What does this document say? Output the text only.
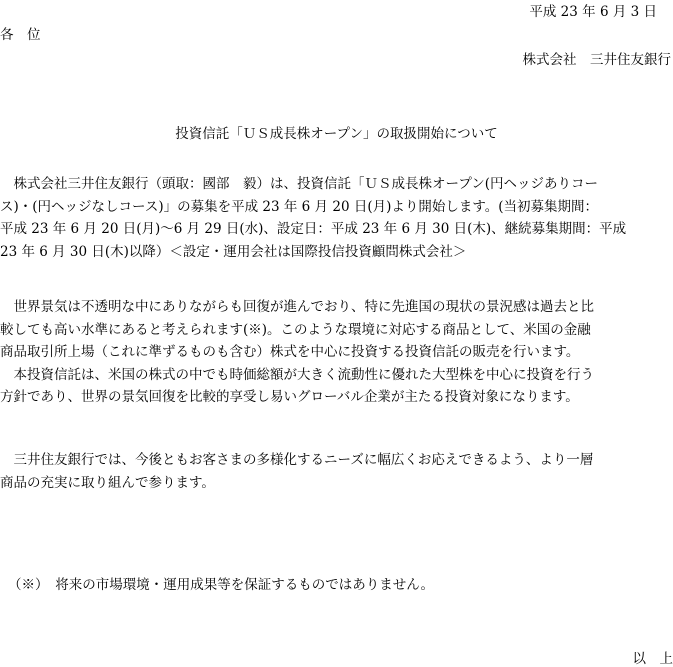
平成 23 年 6 月 3 日
各　位
株式会社　三井住友銀行
投資信託「ＵＳ成長株オープン」の取扱開始について
　株式会社三井住友銀行（頭取：國部　毅）は、投資信託「ＵＳ成長株オープン(円ヘッジありコー
ス)・(円ヘッジなしコース)」の募集を平成 23 年 6 月 20 日(月)より開始します。(当初募集期間：
平成 23 年 6 月 20 日(月)～6 月 29 日(水)、設定日：平成 23 年 6 月 30 日(木)、継続募集期間：平成
23 年 6 月 30 日(木)以降）＜設定・運用会社は国際投信投資顧問株式会社＞
　世界景気は不透明な中にありながらも回復が進んでおり、特に先進国の現状の景況感は過去と比
較しても高い水準にあると考えられます(※)。このような環境に対応する商品として、米国の金融
商品取引所上場（これに準ずるものも含む）株式を中心に投資する投資信託の販売を行います。
　本投資信託は、米国の株式の中でも時価総額が大きく流動性に優れた大型株を中心に投資を行う
方針であり、世界の景気回復を比較的享受し易いグローバル企業が主たる投資対象になります。
　三井住友銀行では、今後ともお客さまの多様化するニーズに幅広くお応えできるよう、より一層
商品の充実に取り組んで参ります。
（※）　将来の市場環境・運用成果等を保証するものではありません。
以　上
